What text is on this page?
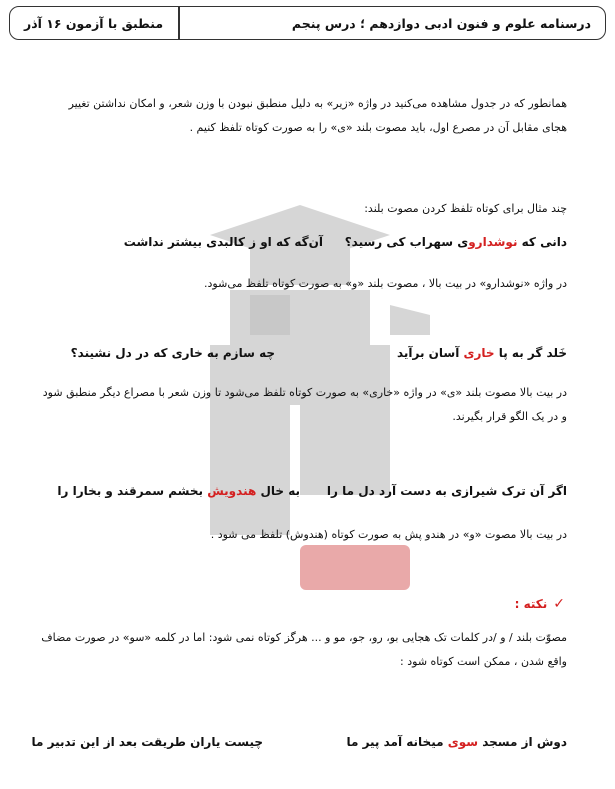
درسنامه علوم و فنون ادبی دوازدهم ؛ درس پنجم
منطبق با آزمون ۱۶ آذر
همانطور که در جدول مشاهده می‌کنید در واژه «زیر» به دلیل منطبق نبودن با وزن شعر، و امکان نداشتن تغییر
هجای مقابل آن در مصرع اول، باید مصوت بلند «ی» را به صورت کوتاه تلفظ کنیم .
چند مثال برای کوتاه تلفظ کردن مصوت بلند:
دانی که نوشداروی سهراب کی رسید؟
آن‌گه که او ز کالبدی بیشتر نداشت
در واژه «نوشدارو» در بیت بالا ، مصوت بلند «و» به صورت کوتاه تلفظ می‌شود.
خَلد گر به پا خاری آسان برآید
چه سازم به خاری که در دل نشیند؟
در بیت بالا مصوت بلند «ی» در واژه «خاری» به صورت کوتاه تلفظ می‌شود تا وزن شعر با مصراع دیگر منطبق شود
و در یک الگو قرار بگیرند.
اگر آن ترک شیرازی به دست آرد دل ما را
به خال هندویش بخشم سمرقند و بخارا را
در بیت بالا مصوت «و» در هندو پش به صورت کوتاه (هندوش) تلفظ می شود .
✓
نکته :
مصوّت بلند / و /در کلمات تک هجایی بو، رو، جو، مو و ... هرگز کوتاه نمی شود: اما در کلمه «سو» در صورت مضاف
واقع شدن ، ممکن است کوتاه شود :
دوش از مسجد سوی میخانه آمد پیر ما
چیست یاران طریقت بعد از این تدبیر ما
